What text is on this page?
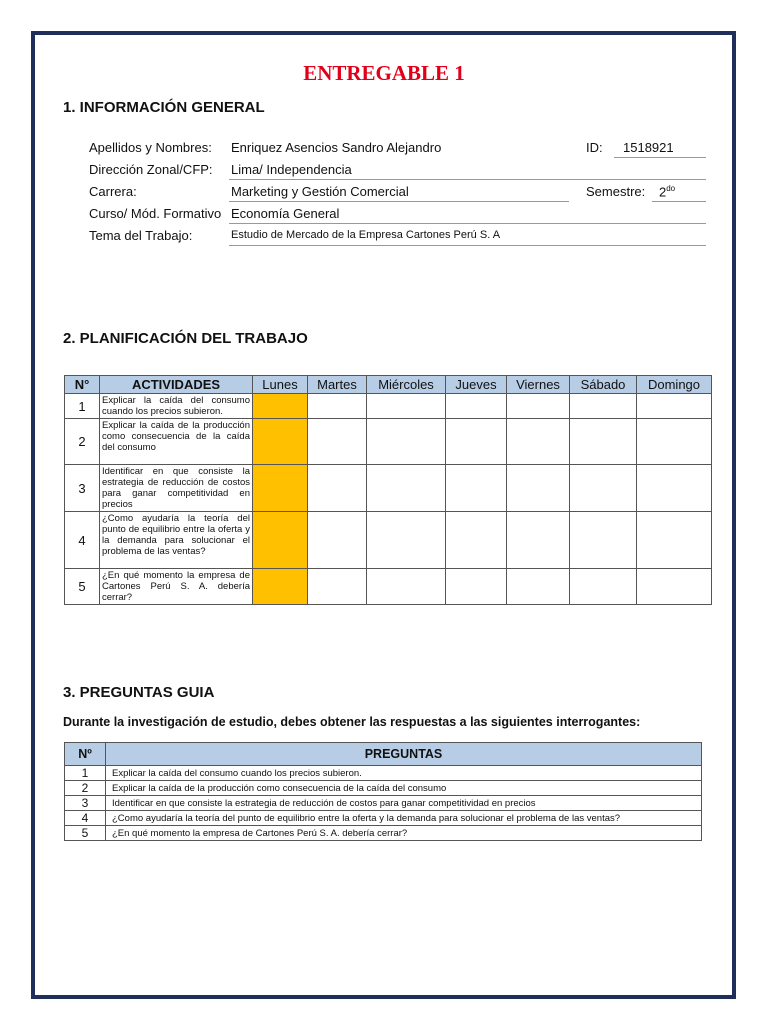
ENTREGABLE 1
1. INFORMACIÓN GENERAL
Apellidos y Nombres: Enriquez Asencios Sandro Alejandro	ID: 1518921
Dirección Zonal/CFP: Lima/ Independencia
Carrera:	Marketing y Gestión Comercial	Semestre: $2^{do}$
Curso/ Mód. Formativo Economía General
Tema del Trabajo:	Estudio de Mercado de la Empresa Cartones Perú S. A
2. PLANIFICACIÓN DEL TRABAJO
N°	ACTIVIDADES	Lunes	Martes	Miércoles	Jueves	Viernes	Sábado	Domingo
1	Explicar la caída del consumo cuando los precios subieron.							
2	Explicar la caída de la producción como consecuencia de la caída del consumo							
3	Identificar en que consiste la estrategia de reducción de costos para ganar competitividad en precios							
4	¿Como ayudaría la teoría del punto de equilibrio entre la oferta y la demanda para solucionar el problema de las ventas?							
5	¿En qué momento la empresa de Cartones Perú S. A. debería cerrar?							
3. PREGUNTAS GUIA
Durante la investigación de estudio, debes obtener las respuestas a las siguientes interrogantes:
Nº	PREGUNTAS
1	Explicar la caída del consumo cuando los precios subieron.
2	Explicar la caída de la producción como consecuencia de la caída del consumo
3	Identificar en que consiste la estrategia de reducción de costos para ganar competitividad en precios
4	¿Como ayudaría la teoría del punto de equilibrio entre la oferta y la demanda para solucionar el problema de las ventas?
5	¿En qué momento la empresa de Cartones Perú S. A. debería cerrar?
